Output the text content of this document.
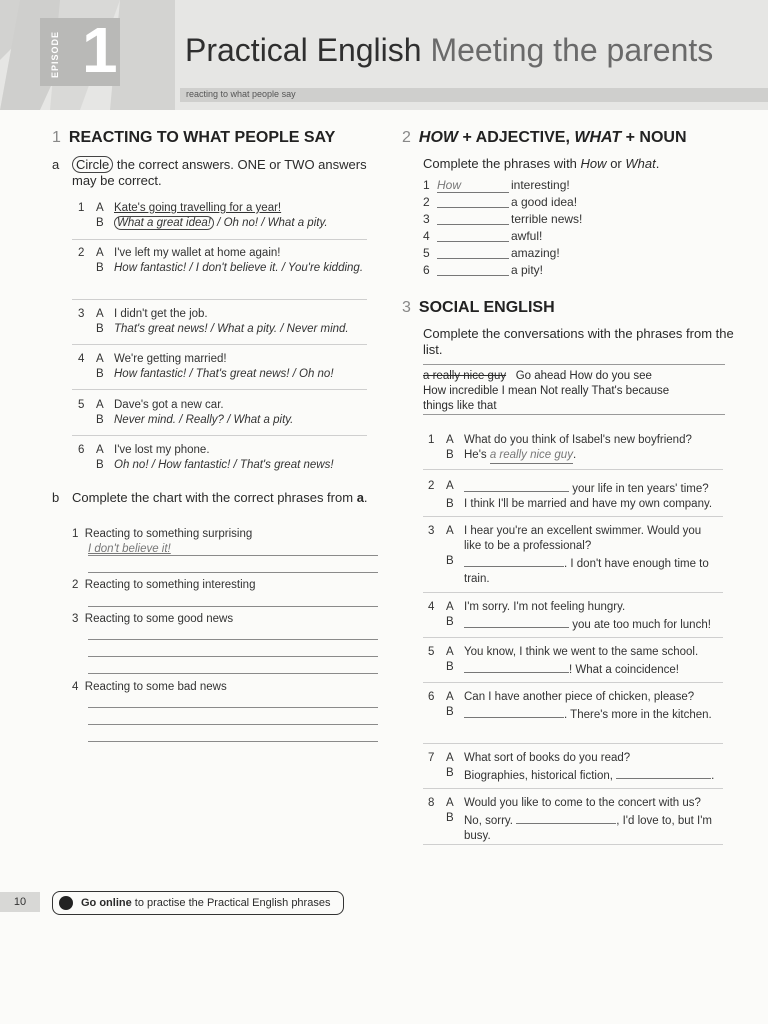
EPISODE 1 Practical English Meeting the parents
reacting to what people say
1 REACTING TO WHAT PEOPLE SAY
a	Circle the correct answers. ONE or TWO answers may be correct.
1 A Kate's going travelling for a year!
B What a great idea! / Oh no! / What a pity.
2 A I've left my wallet at home again!
B How fantastic! / I don't believe it. / You're kidding.
3 A I didn't get the job.
B That's great news! / What a pity. / Never mind.
4 A We're getting married!
B How fantastic! / That's great news! / Oh no!
5 A Dave's got a new car.
B Never mind. / Really? / What a pity.
6 A I've lost my phone.
B Oh no! / How fantastic! / That's great news!
b Complete the chart with the correct phrases from a.
1 Reacting to something surprising
I don't believe it!
2 Reacting to something interesting
3 Reacting to some good news
4 Reacting to some bad news
2 HOW + ADJECTIVE, WHAT + NOUN
Complete the phrases with How or What.
1 How	interesting!
2	a good idea!
3	terrible news!
4	awful!
5	amazing!
6	a pity!
3 SOCIAL ENGLISH
Complete the conversations with the phrases from the list.
a really nice guy Go ahead How do you see
How incredible I mean Not really That's because
things like that
1 A What do you think of Isabel's new boyfriend?
B He's a really nice guy.
2 A	your life in ten years' time?
B I think I'll be married and have my own company.
3 A I hear you're an excellent swimmer. Would you like to be a professional?
B	. I don't have enough time to train.
4 A I'm sorry. I'm not feeling hungry.
B	you ate too much for lunch!
5 A You know, I think we went to the same school.
B	! What a coincidence!
6 A Can I have another piece of chicken, please?
B	. There's more in the kitchen.
7 A What sort of books do you read?
B Biographies, historical fiction,	.
8 A Would you like to come to the concert with us?
B No, sorry.	, I'd love to, but I'm busy.
10	Go online to practise the Practical English phrases
